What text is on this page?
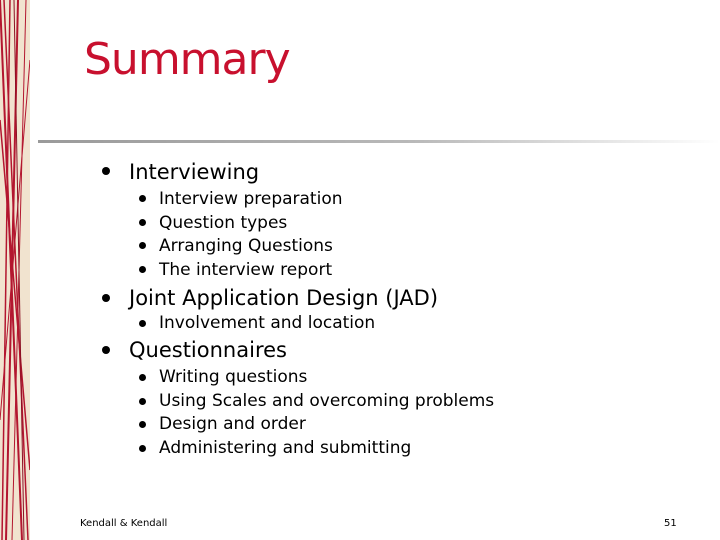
Summary
Interviewing
Interview preparation
Question types
Arranging Questions
The interview report
Joint Application Design (JAD)
Involvement and location
Questionnaires
Writing questions
Using Scales and overcoming problems
Design and order
Administering and submitting
Kendall & Kendall	51
